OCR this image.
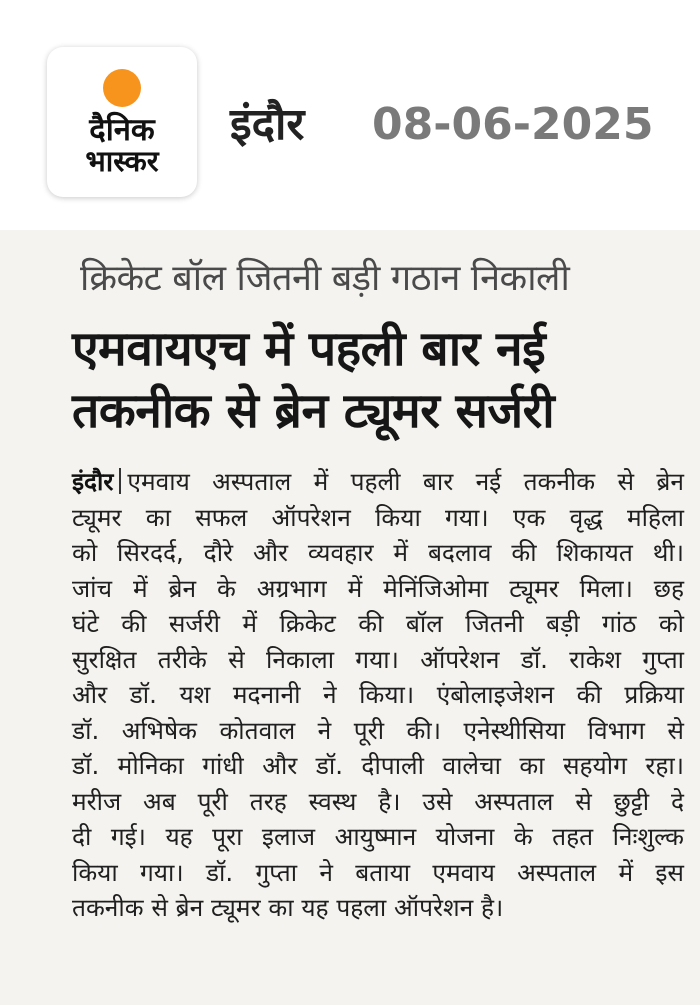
दैनिक
भास्कर
इंदौर 08-06-2025
क्रिकेट बॉल जितनी बड़ी गठान निकाली
एमवायएच में पहली बार नई
तकनीक से ब्रेन ट्यूमर सर्जरी
इंदौर एमवाय अस्पताल में पहली बार नई तकनीक से ब्रेन
ट्यूमर का सफल ऑपरेशन किया गया। एक वृद्ध महिला
को सिरदर्द, दौरे और व्यवहार में बदलाव की शिकायत थी।
जांच में ब्रेन के अग्रभाग में मेनिंजिओमा ट्यूमर मिला। छह
घंटे की सर्जरी में क्रिकेट की बॉल जितनी बड़ी गांठ को
सुरक्षित तरीके से निकाला गया। ऑपरेशन डॉ. राकेश गुप्ता
और डॉ. यश मदनानी ने किया। एंबोलाइजेशन की प्रक्रिया
डॉ. अभिषेक कोतवाल ने पूरी की। एनेस्थीसिया विभाग से
डॉ. मोनिका गांधी और डॉ. दीपाली वालेचा का सहयोग रहा।
मरीज अब पूरी तरह स्वस्थ है। उसे अस्पताल से छुट्टी दे
दी गई। यह पूरा इलाज आयुष्मान योजना के तहत निःशुल्क
किया गया। डॉ. गुप्ता ने बताया एमवाय अस्पताल में इस
तकनीक से ब्रेन ट्यूमर का यह पहला ऑपरेशन है।
